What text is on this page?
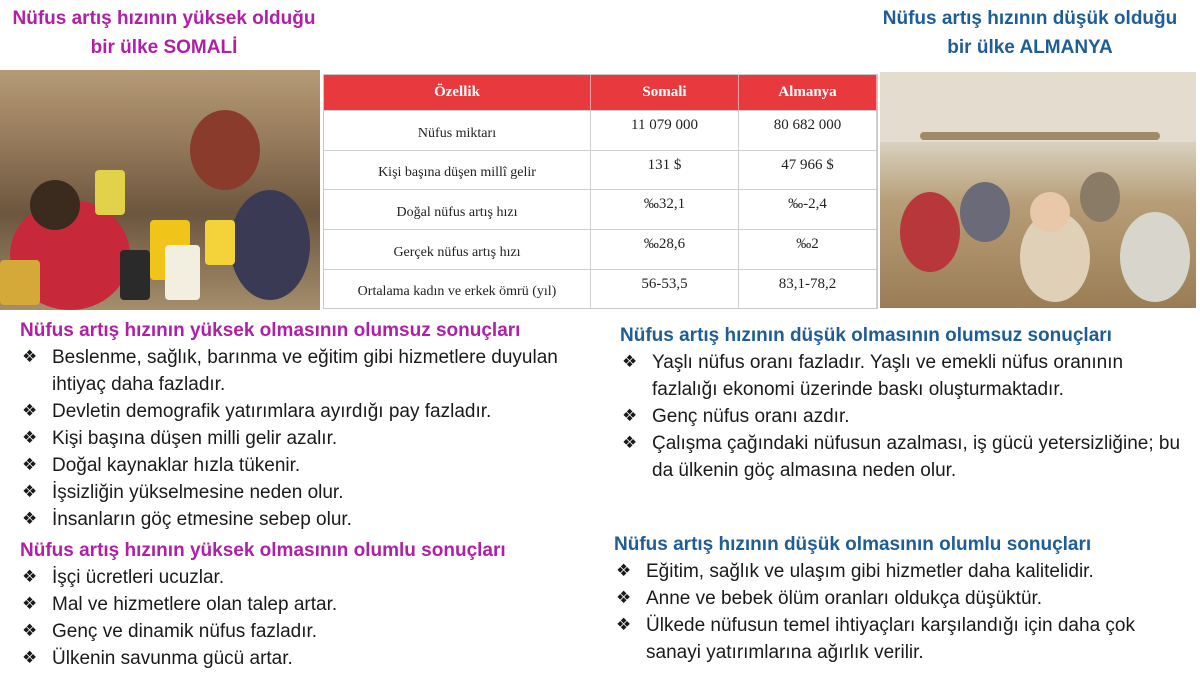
Nüfus artış hızının yüksek olduğu bir ülke SOMALİ
Nüfus artış hızının düşük olduğu bir ülke ALMANYA
Özellik	Somali	Almanya
Nüfus miktarı	11 079 000	80 682 000
Kişi başına düşen millî gelir	131 $	47 966 $
Doğal nüfus artış hızı	‰32,1	‰-2,4
Gerçek nüfus artış hızı	‰28,6	‰2
Ortalama kadın ve erkek ömrü (yıl)	56-53,5	83,1-78,2
Nüfus artış hızının yüksek olmasının olumsuz sonuçları
❖ Beslenme, sağlık, barınma ve eğitim gibi hizmetlere duyulan ihtiyaç daha fazladır.
❖ Devletin demografik yatırımlara ayırdığı pay fazladır.
❖ Kişi başına düşen milli gelir azalır.
❖ Doğal kaynaklar hızla tükenir.
❖ İşsizliğin yükselmesine neden olur.
❖ İnsanların göç etmesine sebep olur.
Nüfus artış hızının yüksek olmasının olumlu sonuçları
❖ İşçi ücretleri ucuzlar.
❖ Mal ve hizmetlere olan talep artar.
❖ Genç ve dinamik nüfus fazladır.
❖ Ülkenin savunma gücü artar.
Nüfus artış hızının düşük olmasının olumsuz sonuçları
❖ Yaşlı nüfus oranı fazladır. Yaşlı ve emekli nüfus oranının fazlalığı ekonomi üzerinde baskı oluşturmaktadır.
❖ Genç nüfus oranı azdır.
❖ Çalışma çağındaki nüfusun azalması, iş gücü yetersizliğine; bu da ülkenin göç almasına neden olur.
Nüfus artış hızının düşük olmasının olumlu sonuçları
❖ Eğitim, sağlık ve ulaşım gibi hizmetler daha kalitelidir.
❖ Anne ve bebek ölüm oranları oldukça düşüktür.
❖ Ülkede nüfusun temel ihtiyaçları karşılandığı için daha çok sanayi yatırımlarına ağırlık verilir.
